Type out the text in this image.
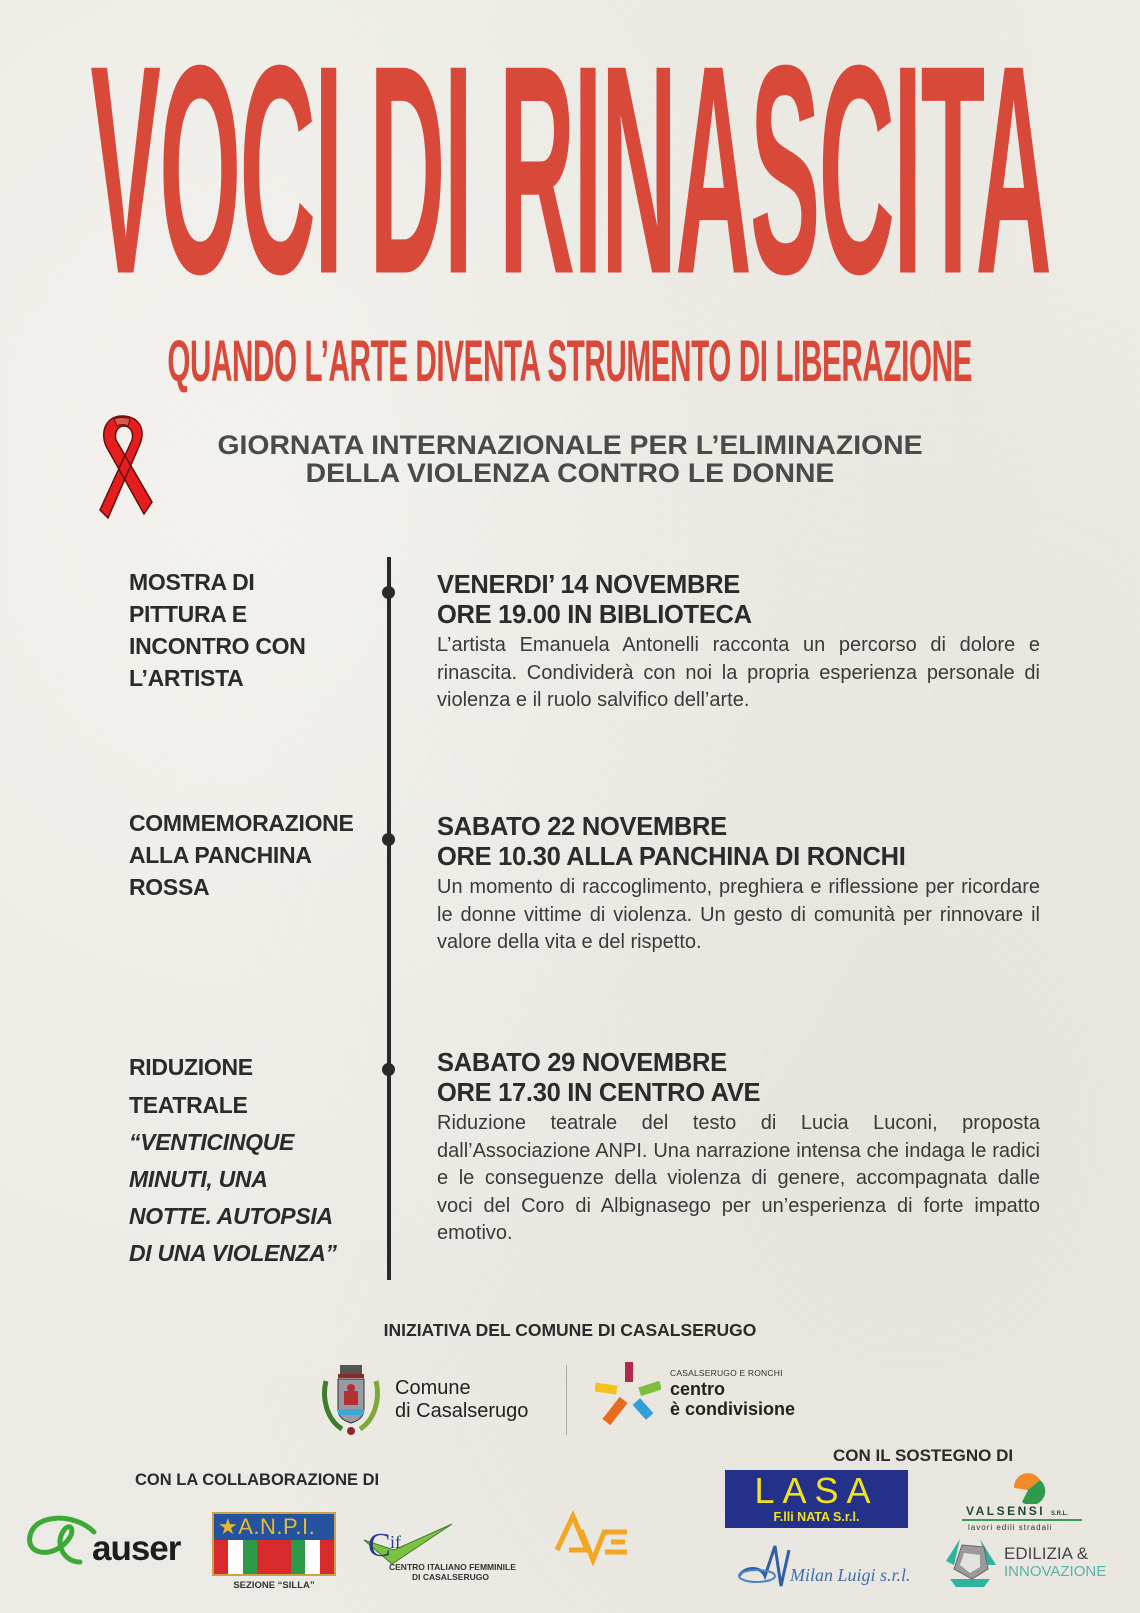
VOCI DI RINASCITA
QUANDO L’ARTE DIVENTA STRUMENTO DI LIBERAZIONE
GIORNATA INTERNAZIONALE PER L’ELIMINAZIONE
DELLA VIOLENZA CONTRO LE DONNE
MOSTRA DI
PITTURA E
INCONTRO CON
L’ARTISTA
VENERDI’ 14 NOVEMBRE
ORE 19.00 IN BIBLIOTECA
L’artista Emanuela Antonelli racconta un percorso di dolore e rinascita. Condividerà con noi la propria esperienza personale di violenza e il ruolo salvifico dell’arte.
COMMEMORAZIONE
ALLA PANCHINA
ROSSA
SABATO 22 NOVEMBRE
ORE 10.30 ALLA PANCHINA DI RONCHI
Un momento di raccoglimento, preghiera e riflessione per ricordare le donne vittime di violenza. Un gesto di comunità per rinnovare il valore della vita e del rispetto.
RIDUZIONE
TEATRALE
“VENTICINQUE
MINUTI, UNA
NOTTE. AUTOPSIA
DI UNA VIOLENZA”
SABATO 29 NOVEMBRE
ORE 17.30 IN CENTRO AVE
Riduzione teatrale del testo di Lucia Luconi, proposta dall’Associazione ANPI. Una narrazione intensa che indaga le radici e le conseguenze della violenza di genere, accompagnata dalle voci del Coro di Albignasego per un’esperienza di forte impatto emotivo.
INIZIATIVA DEL COMUNE DI CASALSERUGO
Comune
di Casalserugo
CASALSERUGO E RONCHI
centro
è condivisione
CON LA COLLABORAZIONE DI
CON IL SOSTEGNO DI
auser
★A.N.P.I.
SEZIONE “SILLA”
C if
CENTRO ITALIANO FEMMINILE
DI CASALSERUGO
LASA
F.lli NATA S.r.l.
Milan Luigi s.r.l.
VALSENSI S.R.L.
lavori edili stradali
EDILIZIA &
INNOVAZIONE
